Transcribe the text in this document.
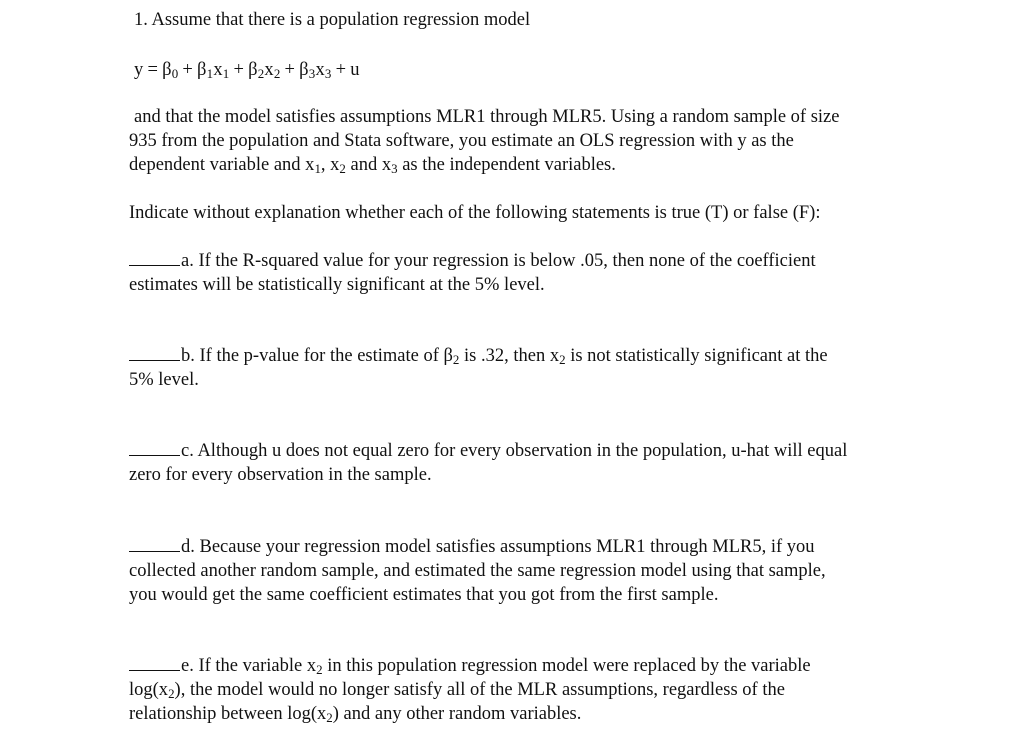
1. Assume that there is a population regression model
$y = \beta_0 + \beta_1x_1 + \beta_2x_2 + \beta_3x_3 + u$
and that the model satisfies assumptions MLR1 through MLR5. Using a random sample of size
935 from the population and Stata software, you estimate an OLS regression with y as the
dependent variable and $x_1$, $x_2$ and $x_3$ as the independent variables.
Indicate without explanation whether each of the following statements is true (T) or false (F):
a. If the R-squared value for your regression is below .05, then none of the coefficient
estimates will be statistically significant at the 5% level.
b. If the p-value for the estimate of $\beta_2$ is .32, then $x_2$ is not statistically significant at the
5% level.
c. Although u does not equal zero for every observation in the population, u-hat will equal
zero for every observation in the sample.
d. Because your regression model satisfies assumptions MLR1 through MLR5, if you
collected another random sample, and estimated the same regression model using that sample,
you would get the same coefficient estimates that you got from the first sample.
e. If the variable $x_2$ in this population regression model were replaced by the variable
$\log(x_2)$, the model would no longer satisfy all of the MLR assumptions, regardless of the
relationship between $\log(x_2)$ and any other random variables.
